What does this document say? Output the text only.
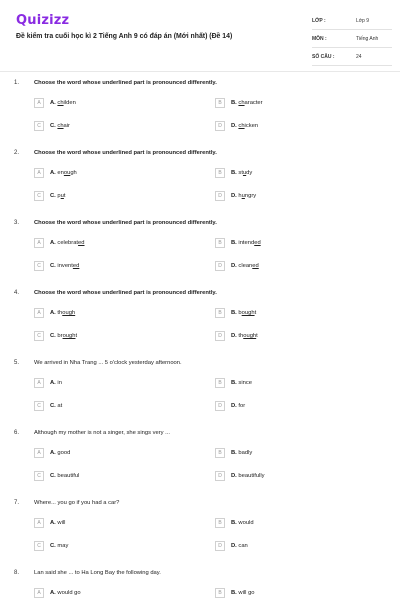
Quizizz
Đề kiểm tra cuối học kì 2 Tiếng Anh 9 có đáp án (Mới nhất) (Đề 14)
LỚP :	Lớp 9
MÔN :	Tiếng Anh
SỐ CÂU :	24
1.	Choose the word whose underlined part is pronounced differently.
A	A. childen	B	B. character
C	C. chair	D	D. chicken
2.	Choose the word whose underlined part is pronounced differently.
A	A. enough	B	B. study
C	C. put	D	D. hungry
3.	Choose the word whose underlined part is pronounced differently.
A	A. celebrated	B	B. intended
C	C. invented	D	D. cleaned
4.	Choose the word whose underlined part is pronounced differently.
A	A. though	B	B. bought
C	C. brought	D	D. thought
5.	We arrived in Nha Trang ... 5 o'clock yesterday afternoon.
A	A. in	B	B. since
C	C. at	D	D. for
6.	Although my mother is not a singer, she sings very ...
A	A. good	B	B. badly
C	C. beautiful	D	D. beautifully
7.	Where... you go if you had a car?
A	A. will	B	B. would
C	C. may	D	D. can
8.	Lan said she ... to Ha Long Bay the following day.
A	A. would go	B	B. will go
